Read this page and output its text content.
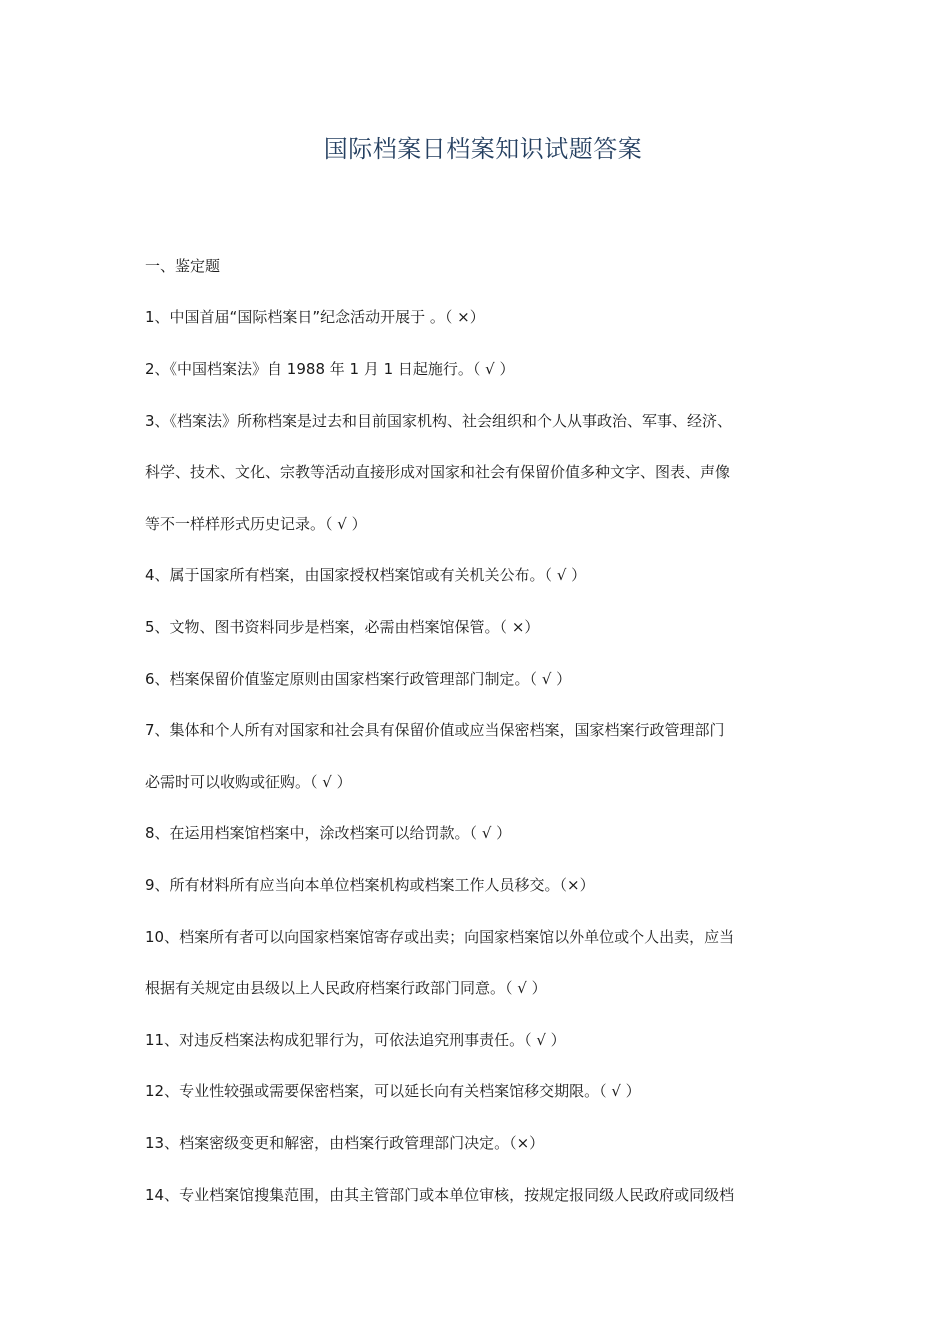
国际档案日档案知识试题答案
一、鉴定题
1、中国首届“国际档案日”纪念活动开展于 。（ ×）
2、《中国档案法》自 1988 年 1 月 1 日起施行。（ √ ）
3、《档案法》所称档案是过去和目前国家机构、社会组织和个人从事政治、军事、经济、
科学、技术、文化、宗教等活动直接形成对国家和社会有保留价值多种文字、图表、声像
等不一样样形式历史记录。（ √ ）
4、属于国家所有档案，由国家授权档案馆或有关机关公布。（ √ ）
5、文物、图书资料同步是档案，必需由档案馆保管。（ ×）
6、档案保留价值鉴定原则由国家档案行政管理部门制定。（ √ ）
7、集体和个人所有对国家和社会具有保留价值或应当保密档案，国家档案行政管理部门
必需时可以收购或征购。（ √ ）
8、在运用档案馆档案中，涂改档案可以给罚款。（ √ ）
9、所有材料所有应当向本单位档案机构或档案工作人员移交。（×）
10、档案所有者可以向国家档案馆寄存或出卖；向国家档案馆以外单位或个人出卖，应当
根据有关规定由县级以上人民政府档案行政部门同意。（ √ ）
11、对违反档案法构成犯罪行为，可依法追究刑事责任。（ √ ）
12、专业性较强或需要保密档案，可以延长向有关档案馆移交期限。（ √ ）
13、档案密级变更和解密，由档案行政管理部门决定。（×）
14、专业档案馆搜集范围，由其主管部门或本单位审核，按规定报同级人民政府或同级档
